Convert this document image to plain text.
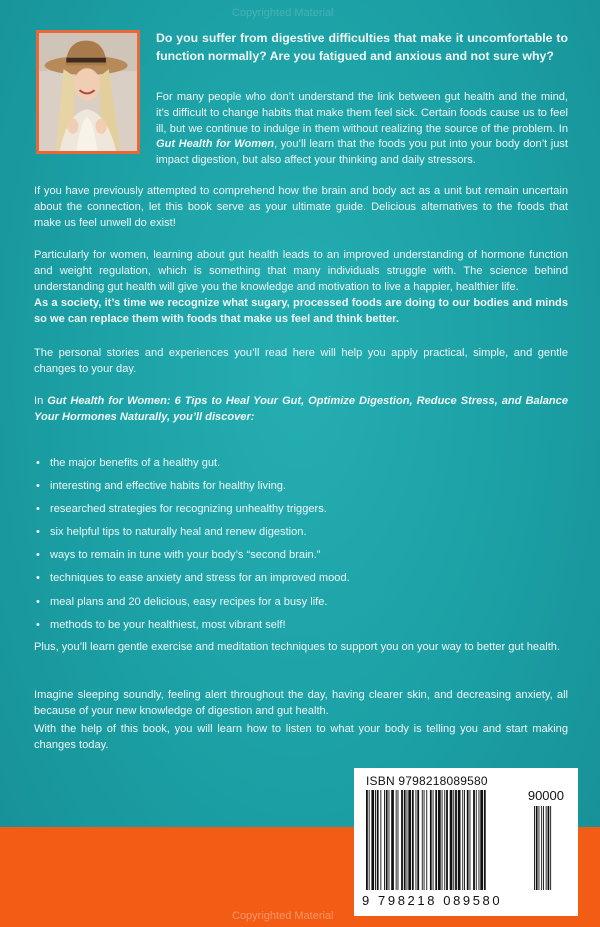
Copyrighted Material

Do you suffer from digestive difficulties that make it uncomfortable to function normally? Are you fatigued and anxious and not sure why?

For many people who don’t understand the link between gut health and the mind, it’s difficult to change habits that make them feel sick. Certain foods cause us to feel ill, but we continue to indulge in them without realizing the source of the problem. In Gut Health for Women, you’ll learn that the foods you put into your body don’t just impact digestion, but also affect your thinking and daily stressors.

If you have previously attempted to comprehend how the brain and body act as a unit but remain uncertain about the connection, let this book serve as your ultimate guide. Delicious alternatives to the foods that make us feel unwell do exist!

Particularly for women, learning about gut health leads to an improved understanding of hormone function and weight regulation, which is something that many individuals struggle with. The science behind understanding gut health will give you the knowledge and motivation to live a happier, healthier life.

As a society, it’s time we recognize what sugary, processed foods are doing to our bodies and minds so we can replace them with foods that make us feel and think better.

The personal stories and experiences you’ll read here will help you apply practical, simple, and gentle changes to your day.

In Gut Health for Women: 6 Tips to Heal Your Gut, Optimize Digestion, Reduce Stress, and Balance Your Hormones Naturally, you’ll discover:

• the major benefits of a healthy gut.
• interesting and effective habits for healthy living.
• researched strategies for recognizing unhealthy triggers.
• six helpful tips to naturally heal and renew digestion.
• ways to remain in tune with your body’s “second brain.”
• techniques to ease anxiety and stress for an improved mood.
• meal plans and 20 delicious, easy recipes for a busy life.
• methods to be your healthiest, most vibrant self!

Plus, you’ll learn gentle exercise and meditation techniques to support you on your way to better gut health.

Imagine sleeping soundly, feeling alert throughout the day, having clearer skin, and decreasing anxiety, all because of your new knowledge of digestion and gut health.

With the help of this book, you will learn how to listen to what your body is telling you and start making changes today.

ISBN 9798218089580
90000
9 798218 089580
Copyrighted Material
